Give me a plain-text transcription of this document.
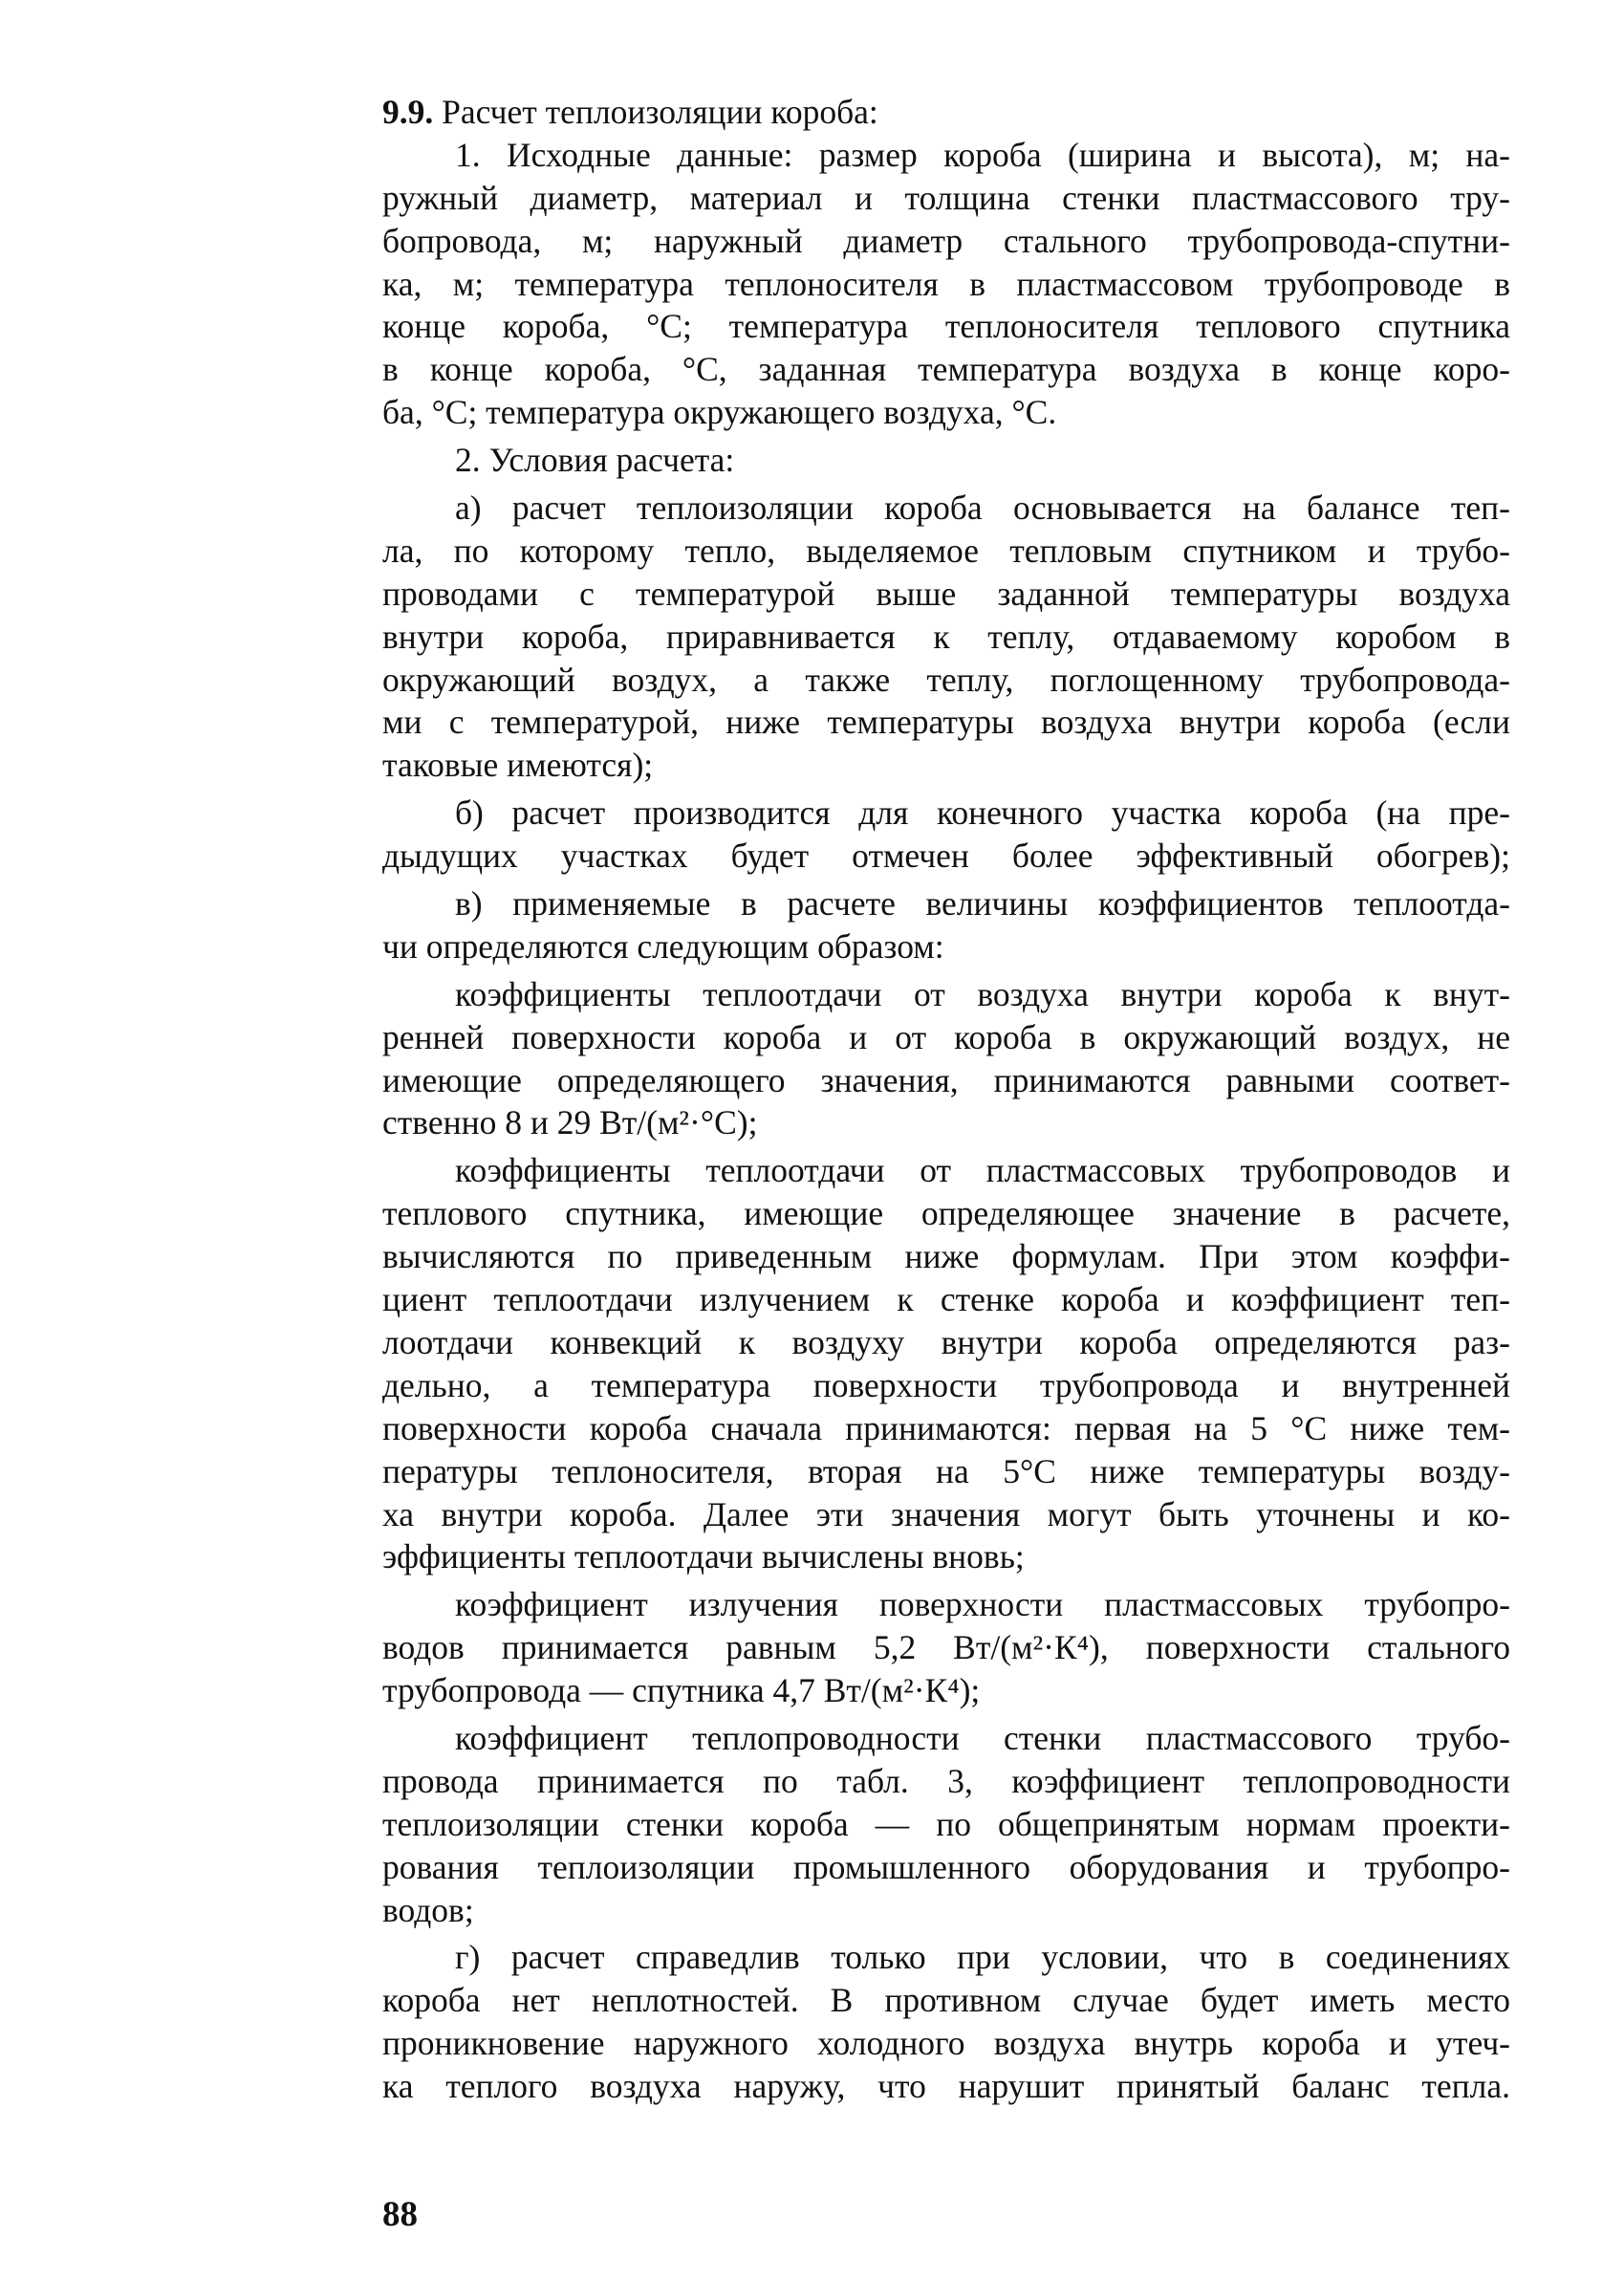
9.9. Расчет теплоизоляции короба:
1. Исходные данные: размер короба (ширина и высота), м; на-
ружный диаметр, материал и толщина стенки пластмассового тру-
бопровода, м; наружный диаметр стального трубопровода-спутни-
ка, м; температура теплоносителя в пластмассовом трубопроводе в
конце короба, °С; температура теплоносителя теплового спутника
в конце короба, °С, заданная температура воздуха в конце коро-
ба, °С; температура окружающего воздуха, °С.
2. Условия расчета:
а) расчет теплоизоляции короба основывается на балансе теп-
ла, по которому тепло, выделяемое тепловым спутником и трубо-
проводами с температурой выше заданной температуры воздуха
внутри короба, приравнивается к теплу, отдаваемому коробом в
окружающий воздух, а также теплу, поглощенному трубопровода-
ми с температурой, ниже температуры воздуха внутри короба (если
таковые имеются);
б) расчет производится для конечного участка короба (на пре-
дыдущих участках будет отмечен более эффективный обогрев);
в) применяемые в расчете величины коэффициентов теплоотда-
чи определяются следующим образом:
коэффициенты теплоотдачи от воздуха внутри короба к внут-
ренней поверхности короба и от короба в окружающий воздух, не
имеющие определяющего значения, принимаются равными соответ-
ственно 8 и 29 Вт/(м²·°С);
коэффициенты теплоотдачи от пластмассовых трубопроводов и
теплового спутника, имеющие определяющее значение в расчете,
вычисляются по приведенным ниже формулам. При этом коэффи-
циент теплоотдачи излучением к стенке короба и коэффициент теп-
лоотдачи конвекций к воздуху внутри короба определяются раз-
дельно, а температура поверхности трубопровода и внутренней
поверхности короба сначала принимаются: первая на 5 °С ниже тем-
пературы теплоносителя, вторая на 5°С ниже температуры возду-
ха внутри короба. Далее эти значения могут быть уточнены и ко-
эффициенты теплоотдачи вычислены вновь;
коэффициент излучения поверхности пластмассовых трубопро-
водов принимается равным 5,2 Вт/(м²·К⁴), поверхности стального
трубопровода — спутника 4,7 Вт/(м²·К⁴);
коэффициент теплопроводности стенки пластмассового трубо-
провода принимается по табл. 3, коэффициент теплопроводности
теплоизоляции стенки короба — по общепринятым нормам проекти-
рования теплоизоляции промышленного оборудования и трубопро-
водов;
г) расчет справедлив только при условии, что в соединениях
короба нет неплотностей. В противном случае будет иметь место
проникновение наружного холодного воздуха внутрь короба и утеч-
ка теплого воздуха наружу, что нарушит принятый баланс тепла.
88
